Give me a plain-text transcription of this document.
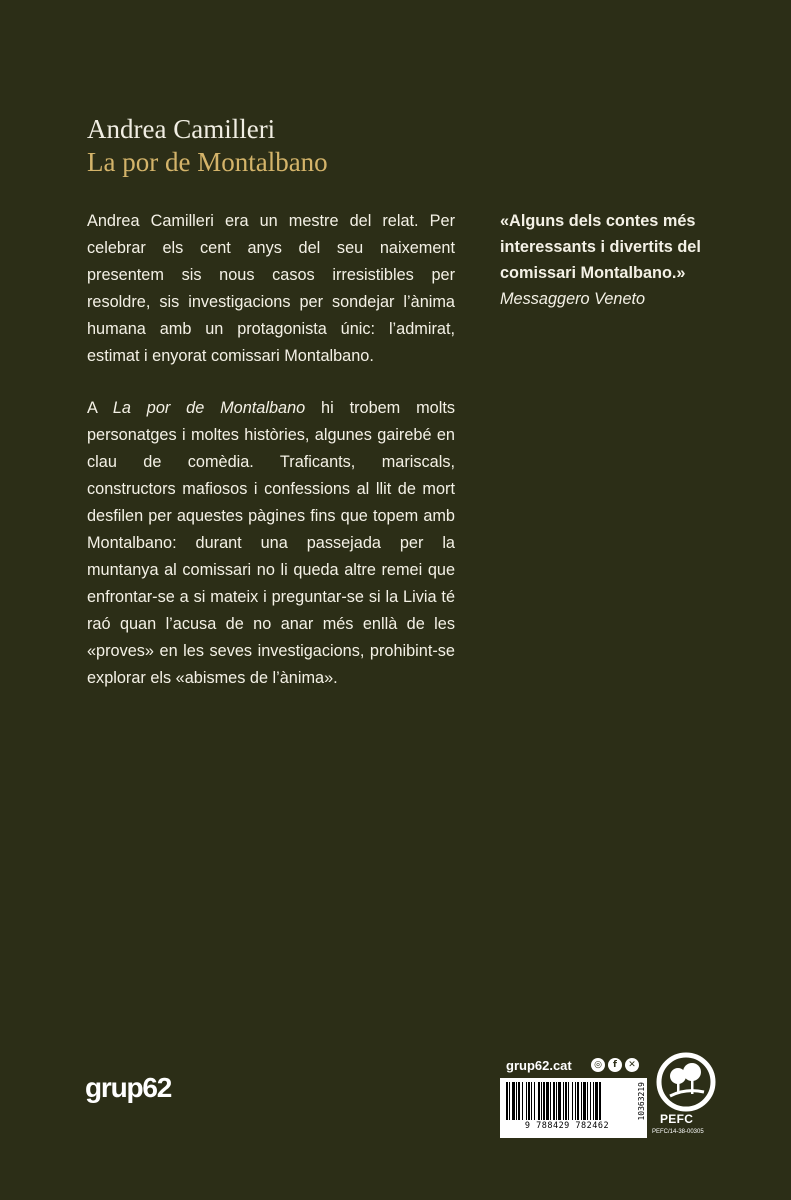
Andrea Camilleri
La por de Montalbano

Andrea Camilleri era un mestre del relat. Per celebrar els cent anys del seu naixement presentem sis nous casos irresistibles per resoldre, sis investigacions per sondejar l’ànima humana amb un protagonista únic: l’admirat, estimat i enyorat comissari Montalbano.

A La por de Montalbano hi trobem molts personatges i moltes històries, algunes gairebé en clau de comèdia. Traficants, mariscals, constructors mafiosos i confessions al llit de mort desfilen per aquestes pàgines fins que topem amb Montalbano: durant una passejada per la muntanya al comissari no li queda altre remei que enfrontar-se a si mateix i preguntar-se si la Livia té raó quan l’acusa de no anar més enllà de les «proves» en les seves investigacions, prohibint-se explorar els «abismes de l’ànima».

«Alguns dels contes més interessants i divertits del comissari Montalbano.»
Messaggero Veneto
grup62
grup62.cat	◎	f	✕
9 788429 782462
10363219 PEFC
PEFC/14-38-00305
